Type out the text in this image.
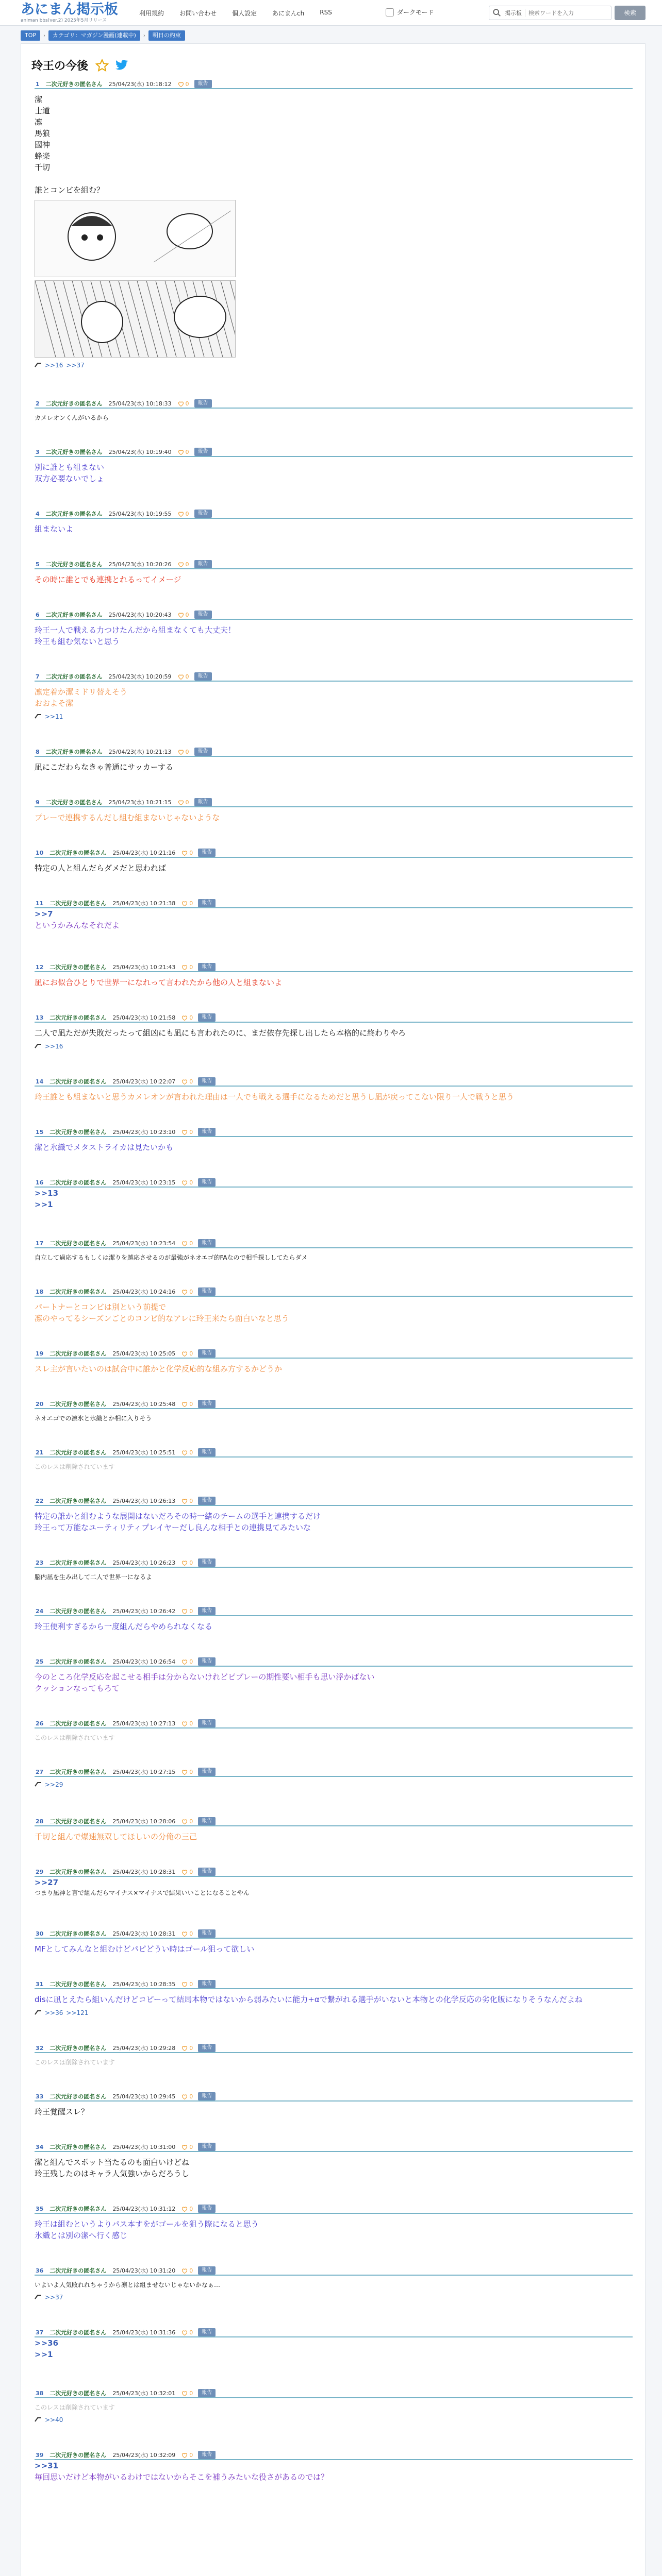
あにまん掲示板
animan bbs(ver.2) 2025年5月リリース
利用規約	お問い合わせ	個人設定	あにまんch	RSS	ダークモード	掲示板
検索ワードを入力	検索
TOP	›	カテゴリ：マガジン漫画(連載中)	›	明日の約束
玲王の今後
1 二次元好きの匿名さん 25/04/23(水) 10:18:12 0	報告
潔
士道
凛
馬狼
國神
蜂楽
千切

誰とコンビを組む？
>>16 >>37
2 二次元好きの匿名さん 25/04/23(水) 10:18:33 0	報告
カメレオンくんがいるから
3 二次元好きの匿名さん 25/04/23(水) 10:19:40 0	報告
別に誰とも組まない
双方必要ないでしょ
4 二次元好きの匿名さん 25/04/23(水) 10:19:55 0	報告
組まないよ
5 二次元好きの匿名さん 25/04/23(水) 10:20:26 0	報告
その時に誰とでも連携とれるってイメージ
6 二次元好きの匿名さん 25/04/23(水) 10:20:43 0	報告
玲王一人で戦える力つけたんだから組まなくても大丈夫！
玲王も組む気ないと思う
7 二次元好きの匿名さん 25/04/23(水) 10:20:59 0	報告
凛定着か潔ミドリ替えそう
おおよそ潔
>>11
8 二次元好きの匿名さん 25/04/23(水) 10:21:13 0	報告
凪にこだわらなきゃ普通にサッカーする
9 二次元好きの匿名さん 25/04/23(水) 10:21:15 0	報告
プレーで連携するんだし組む組まないじゃないような
10 二次元好きの匿名さん 25/04/23(水) 10:21:16 0	報告
特定の人と組んだらダメだと思われば
11 二次元好きの匿名さん 25/04/23(水) 10:21:38 0	報告
>>7
というかみんなそれだよ
12 二次元好きの匿名さん 25/04/23(水) 10:21:43 0	報告
凪にお似合ひとりで世界一になれって言われたから他の人と組まないよ
13 二次元好きの匿名さん 25/04/23(水) 10:21:58 0	報告
二人で凪ただが失敗だったって組凶にも凪にも言われたのに、まだ依存先探し出したら本格的に終わりやろ
>>16
14 二次元好きの匿名さん 25/04/23(水) 10:22:07 0	報告
玲王誰とも組まないと思うカメレオンが言われた理由は一人でも戦える選手になるためだと思うし凪が戻ってこない限り一人で戦うと思う
15 二次元好きの匿名さん 25/04/23(水) 10:23:10 0	報告
潔と氷織でメタストライカは見たいかも
16 二次元好きの匿名さん 25/04/23(水) 10:23:15 0	報告
>>13
>>1
17 二次元好きの匿名さん 25/04/23(水) 10:23:54 0	報告
自立して過応するもしくは潔りを越応させるのが最強がネオエゴ的FAなので相手探ししてたらダメ
18 二次元好きの匿名さん 25/04/23(水) 10:24:16 0	報告
パートナーとコンビは別という前提で
凛のやってるシーズンごとのコンビ的なアレに玲王来たら面白いなと思う
19 二次元好きの匿名さん 25/04/23(水) 10:25:05 0	報告
スレ主が言いたいのは試合中に誰かと化学反応的な組み方するかどうか
20 二次元好きの匿名さん 25/04/23(水) 10:25:48 0	報告
ネオエゴでの凛氷と氷織とか相に入りそう
21 二次元好きの匿名さん 25/04/23(水) 10:25:51 0	報告
このレスは削除されています
22 二次元好きの匿名さん 25/04/23(水) 10:26:13 0	報告
特定の誰かと組むような展開はないだろその時一緒のチームの選手と連携するだけ
玲王って万能なユーティリティプレイヤーだし良んな相手との連携見てみたいな
23 二次元好きの匿名さん 25/04/23(水) 10:26:23 0	報告
脳内凪を生み出して二人で世界一になるよ
24 二次元好きの匿名さん 25/04/23(水) 10:26:42 0	報告
玲王便利すぎるから一度組んだらやめられなくなる
25 二次元好きの匿名さん 25/04/23(水) 10:26:54 0	報告
今のところ化学反応を起こせる相手は分からないけれどピプレーの期性要い相手も思い浮かばない
クッションなってもろて
26 二次元好きの匿名さん 25/04/23(水) 10:27:13 0	報告
このレスは削除されています
27 二次元好きの匿名さん 25/04/23(水) 10:27:15 0	報告
>>29
28 二次元好きの匿名さん 25/04/23(水) 10:28:06 0	報告
千切と組んで爆速無双してほしいの分俺の三己
29 二次元好きの匿名さん 25/04/23(水) 10:28:31 0	報告
>>27
つまり凪神と言で組んだらマイナス×マイナスで結果いいことになることやん
30 二次元好きの匿名さん 25/04/23(水) 10:28:31 0	報告
MFとしてみんなと組むけどパピどうい時はゴール狙って欲しい
31 二次元好きの匿名さん 25/04/23(水) 10:28:35 0	報告
disに凪とえたら組いんだけどコピーって結局本物ではないから弱みたいに能力+αで繋がれる選手がいないと本物との化学反応の劣化版になりそうなんだよね
>>36 >>121
32 二次元好きの匿名さん 25/04/23(水) 10:29:28 0	報告
このレスは削除されています
33 二次元好きの匿名さん 25/04/23(水) 10:29:45 0	報告
玲王覚醒スレ？
34 二次元好きの匿名さん 25/04/23(水) 10:31:00 0	報告
潔と組んでスポット当たるのも面白いけどね
玲王残したのはキャラ人気強いからだろうし
35 二次元好きの匿名さん 25/04/23(水) 10:31:12 0	報告
玲王は組むというよりパス本すをがゴールを狙う際になると思う
氷織とは別の潔へ行く感じ
36 二次元好きの匿名さん 25/04/23(水) 10:31:20 0	報告
いよいよ人気敗れれちゃうから凛とは組ませないじゃないかなぁ…
>>37
37 二次元好きの匿名さん 25/04/23(水) 10:31:36 0	報告
>>36
>>1
38 二次元好きの匿名さん 25/04/23(水) 10:32:01 0	報告
このレスは削除されています
>>40
39 二次元好きの匿名さん 25/04/23(水) 10:32:09 0	報告
>>31
毎回思いだけど本物がいるわけではないからそこを補うみたいな役さがあるのでは？
